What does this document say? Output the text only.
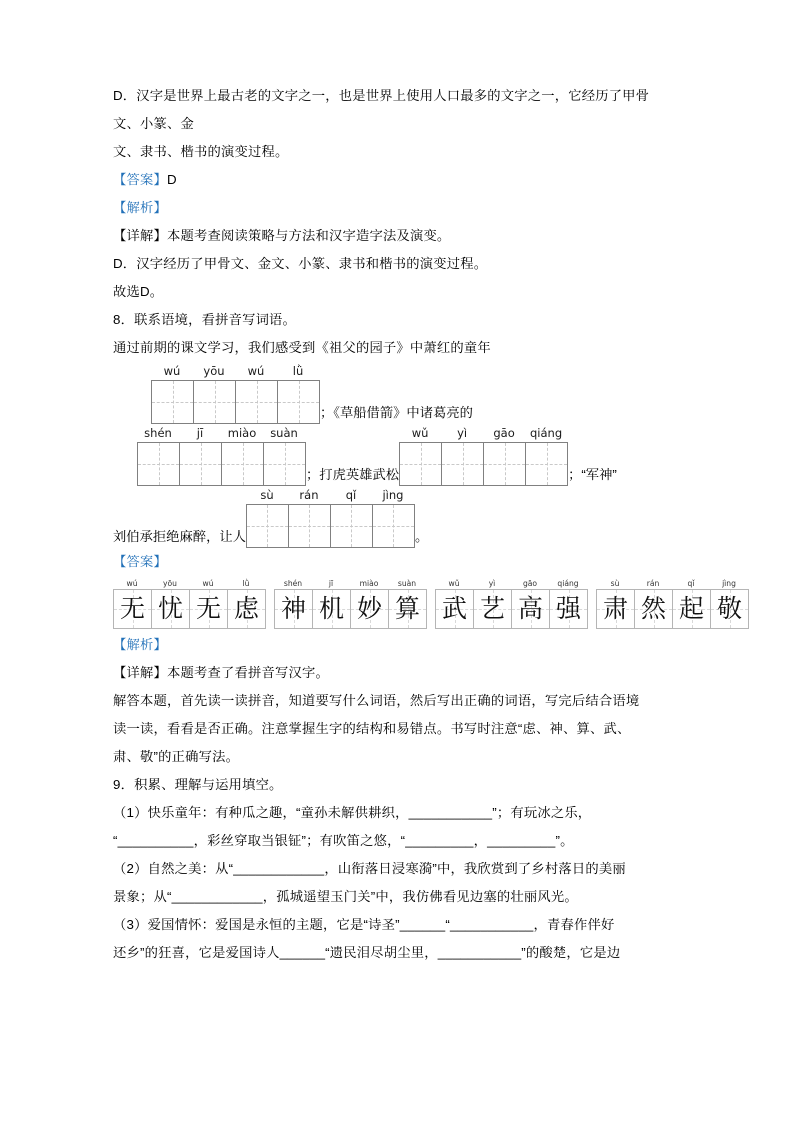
D．汉字是世界上最古老的文字之一，也是世界上使用人口最多的文字之一，它经历了甲骨
文、小篆、金
文、隶书、楷书的演变过程。
【答案】D
【解析】
【详解】本题考查阅读策略与方法和汉字造字法及演变。
D．汉字经历了甲骨文、金文、小篆、隶书和楷书的演变过程。
故选D。
8．联系语境，看拼音写词语。
通过前期的课文学习，我们感受到《祖父的园子》中萧红的童年
wú	yōu	wú	lǜ
；《草船借箭》中诸葛亮的
shén	jī	miào	suàn
；打虎英雄武松
wǔ	yì	gāo	qiáng
；“军神”
刘伯承拒绝麻醉，让人
sù	rán	qǐ	jìng
。
【答案】
wú	yōu	wú	lǜ
无 忧 无 虑
shén	jī	miào	suàn
神 机 妙 算
wǔ	yì	gāo	qiáng
武 艺 高 强
sù	rán	qǐ	jìng
肃 然 起 敬
【解析】
【详解】本题考查了看拼音写汉字。
解答本题，首先读一读拼音，知道要写什么词语，然后写出正确的词语，写完后结合语境
读一读，看看是否正确。注意掌握生字的结构和易错点。书写时注意“虑、神、算、武、
肃、敬”的正确写法。
9．积累、理解与运用填空。
（1）快乐童年：有种瓜之趣，“童孙未解供耕织，___________”；有玩冰之乐，
“__________，彩丝穿取当银钲”；有吹笛之悠，“_________，_________”。
（2）自然之美：从“____________，山衔落日浸寒漪”中，我欣赏到了乡村落日的美丽
景象；从“____________，孤城遥望玉门关”中，我仿佛看见边塞的壮丽风光。
（3）爱国情怀：爱国是永恒的主题，它是“诗圣”______“___________，青春作伴好
还乡”的狂喜，它是爱国诗人______“遗民泪尽胡尘里，___________”的酸楚，它是边
